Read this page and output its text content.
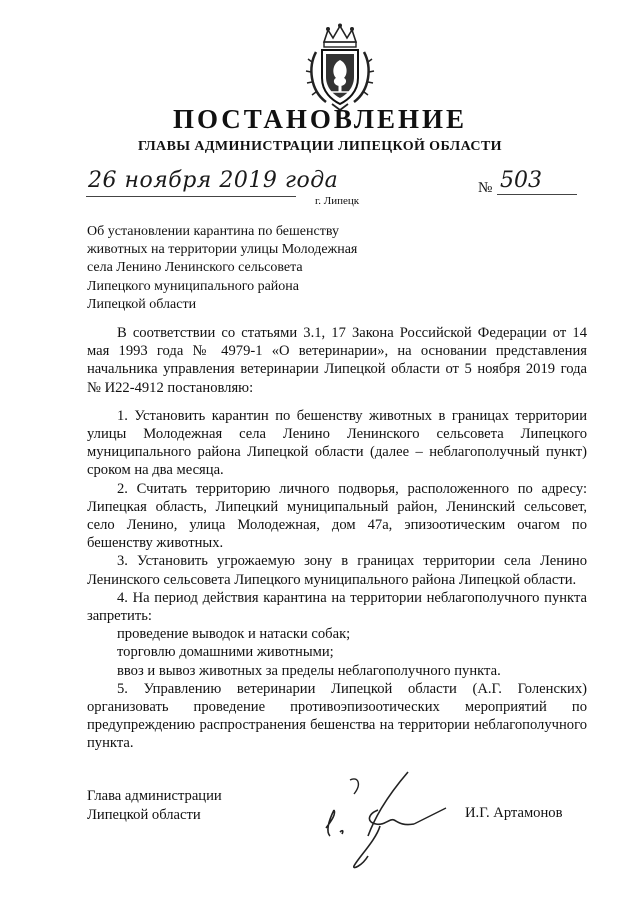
ПОСТАНОВЛЕНИЕ
ГЛАВЫ АДМИНИСТРАЦИИ ЛИПЕЦКОЙ ОБЛАСТИ
26 ноября 2019 года
г. Липецк
№ 503
Об установлении карантина по бешенству
животных на территории улицы Молодежная
села Ленино Ленинского сельсовета
Липецкого муниципального района
Липецкой области

В соответствии со статьями 3.1, 17 Закона Российской Федерации от 14 мая 1993 года № 4979-1 «О ветеринарии», на основании представления начальника управления ветеринарии Липецкой области от 5 ноября 2019 года № И22-4912 постановляю:

1. Установить карантин по бешенству животных в границах территории улицы Молодежная села Ленино Ленинского сельсовета Липецкого муниципального района Липецкой области (далее – неблагополучный пункт) сроком на два месяца.

2. Считать территорию личного подворья, расположенного по адресу: Липецкая область, Липецкий муниципальный район, Ленинский сельсовет, село Ленино, улица Молодежная, дом 47а, эпизоотическим очагом по бешенству животных.

3. Установить угрожаемую зону в границах территории села Ленино Ленинского сельсовета Липецкого муниципального района Липецкой области.

4. На период действия карантина на территории неблагополучного пункта запретить:

проведение выводок и натаски собак;

торговлю домашними животными;

ввоз и вывоз животных за пределы неблагополучного пункта.

5. Управлению ветеринарии Липецкой области (А.Г. Голенских) организовать проведение противоэпизоотических мероприятий по предупреждению распространения бешенства на территории неблагополучного пункта.

Глава администрации
Липецкой области	И.Г. Артамонов
